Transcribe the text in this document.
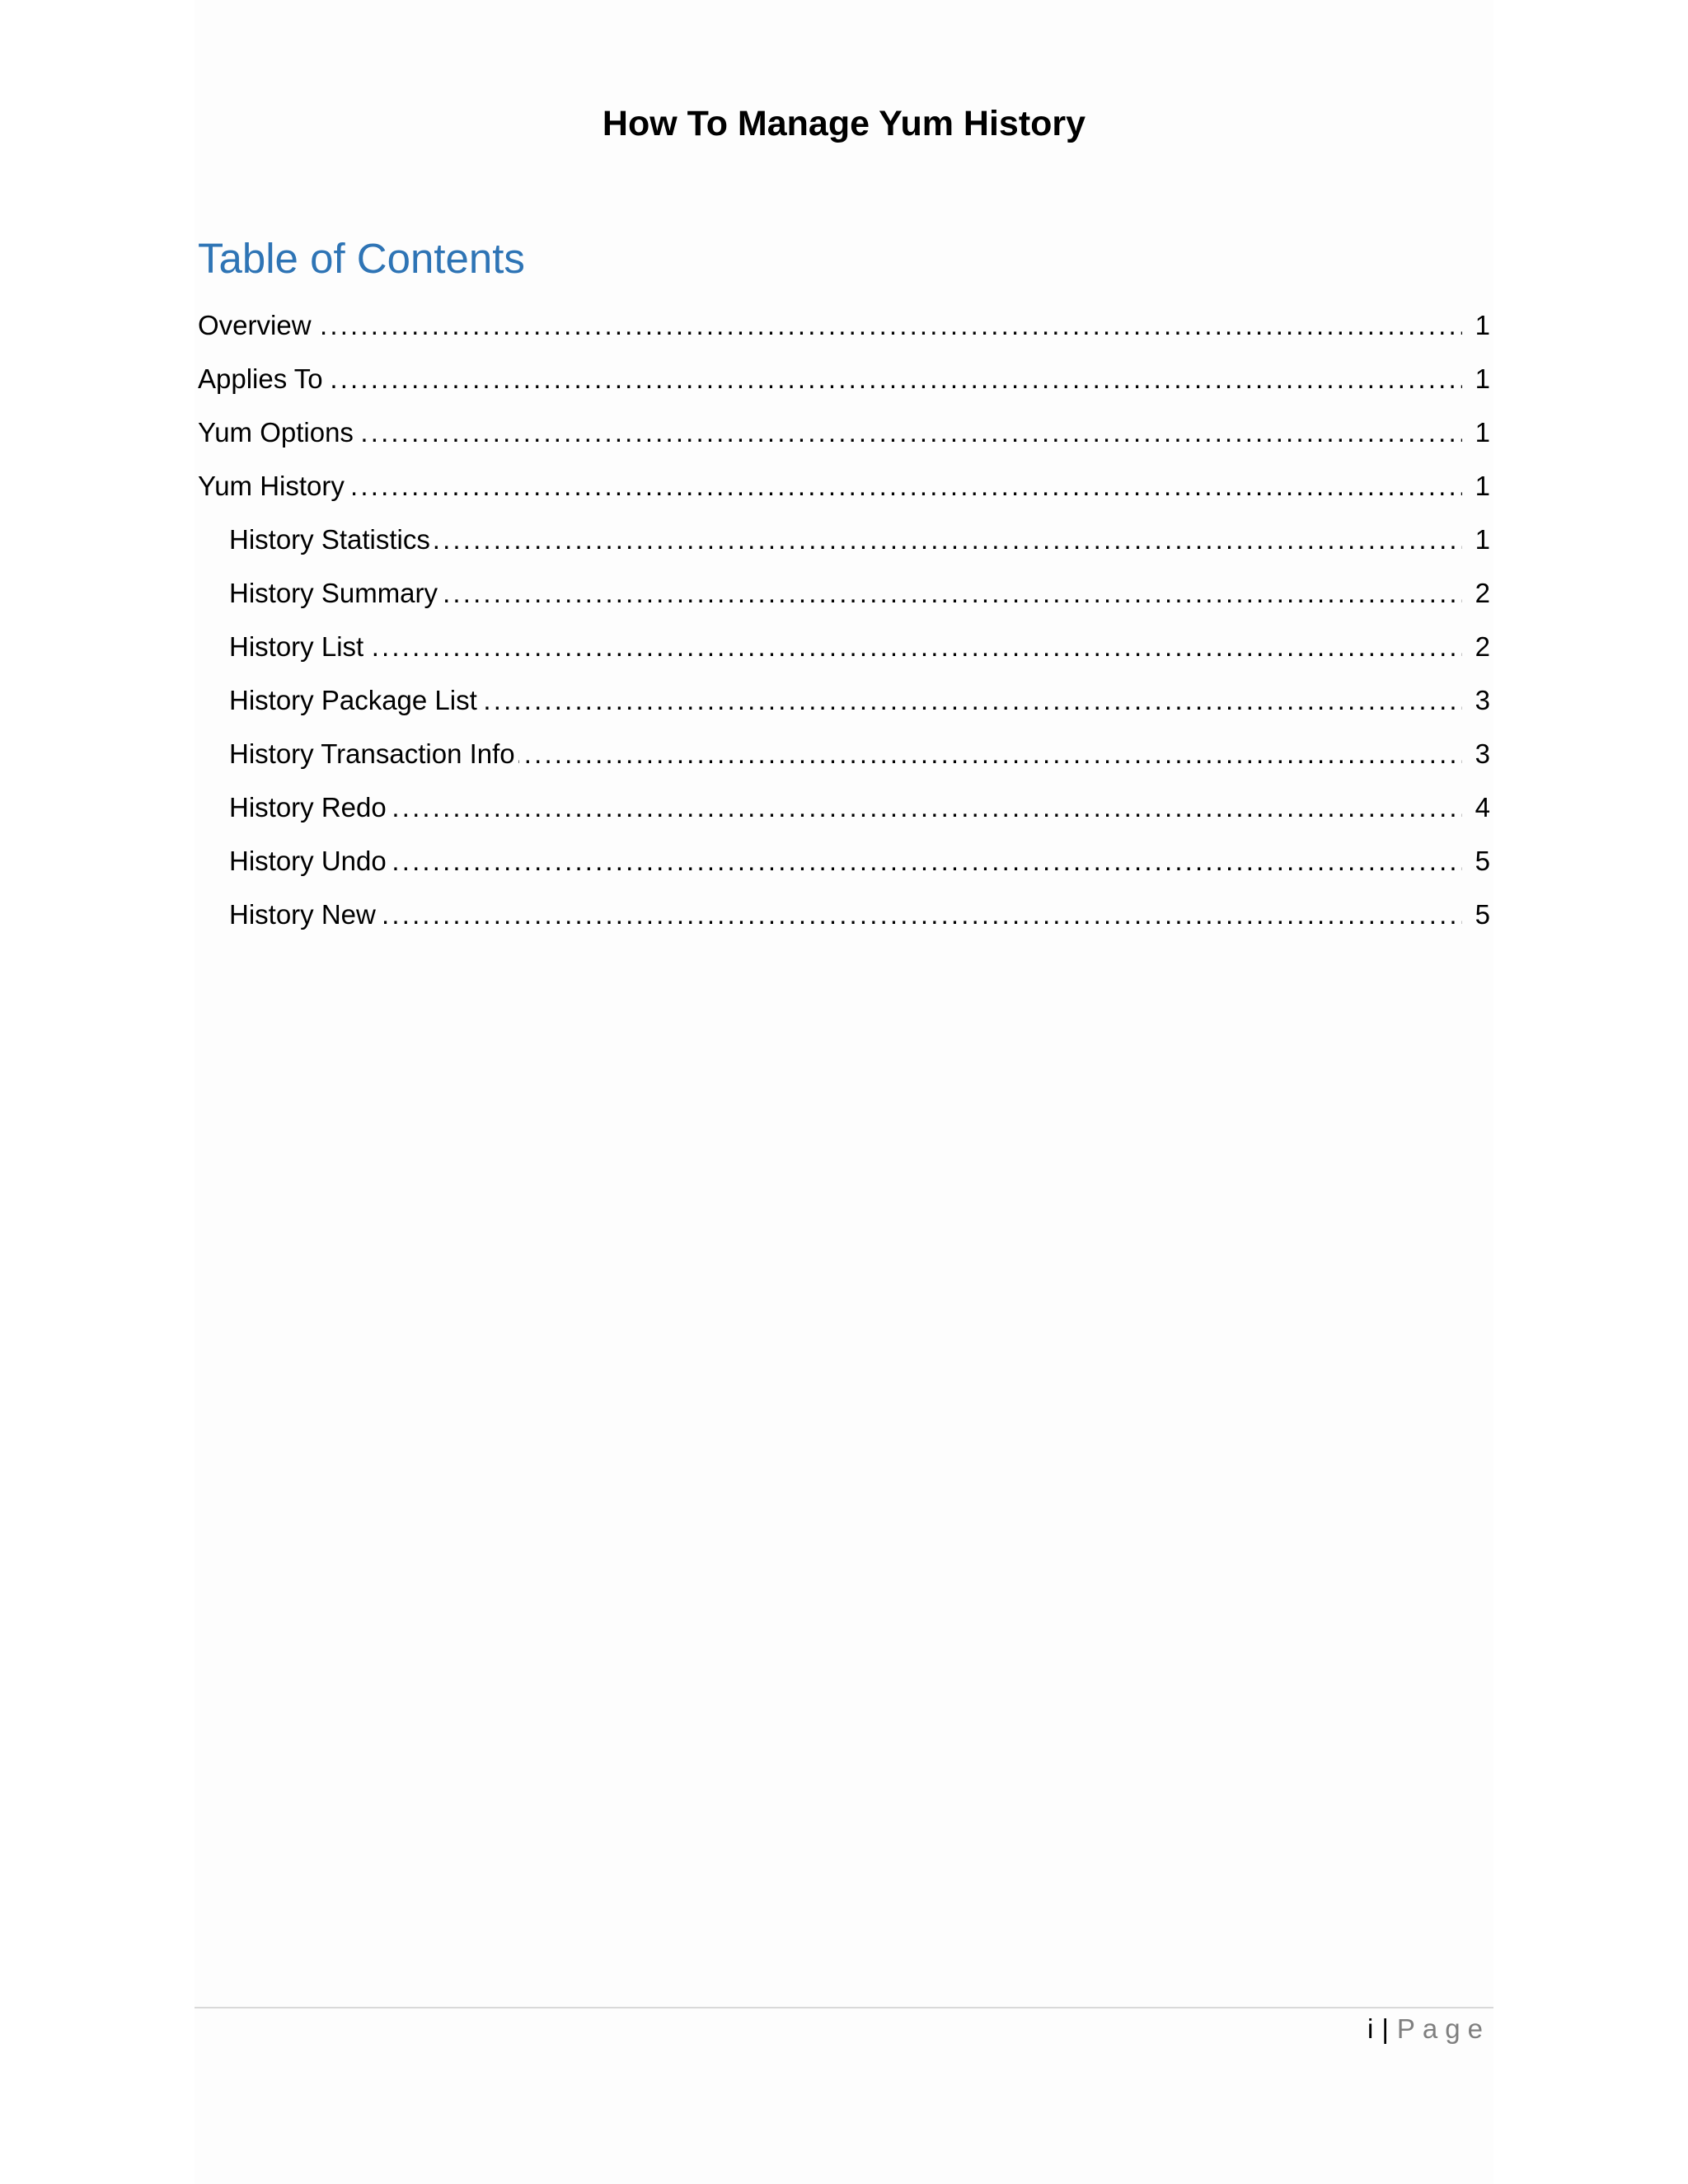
How To Manage Yum History
Table of Contents
. . .
Overview	1
. . .
Applies To	1
. . .
Yum Options	1
. . .
Yum History	1
. . .
History Statistics	1
. . .
History Summary	2
. . .
History List	2
. . .
History Package List	3
. . .
History Transaction Info	3
. . .
History Redo	4
. . .
History Undo	5
. . .
History New	5
i | Page
